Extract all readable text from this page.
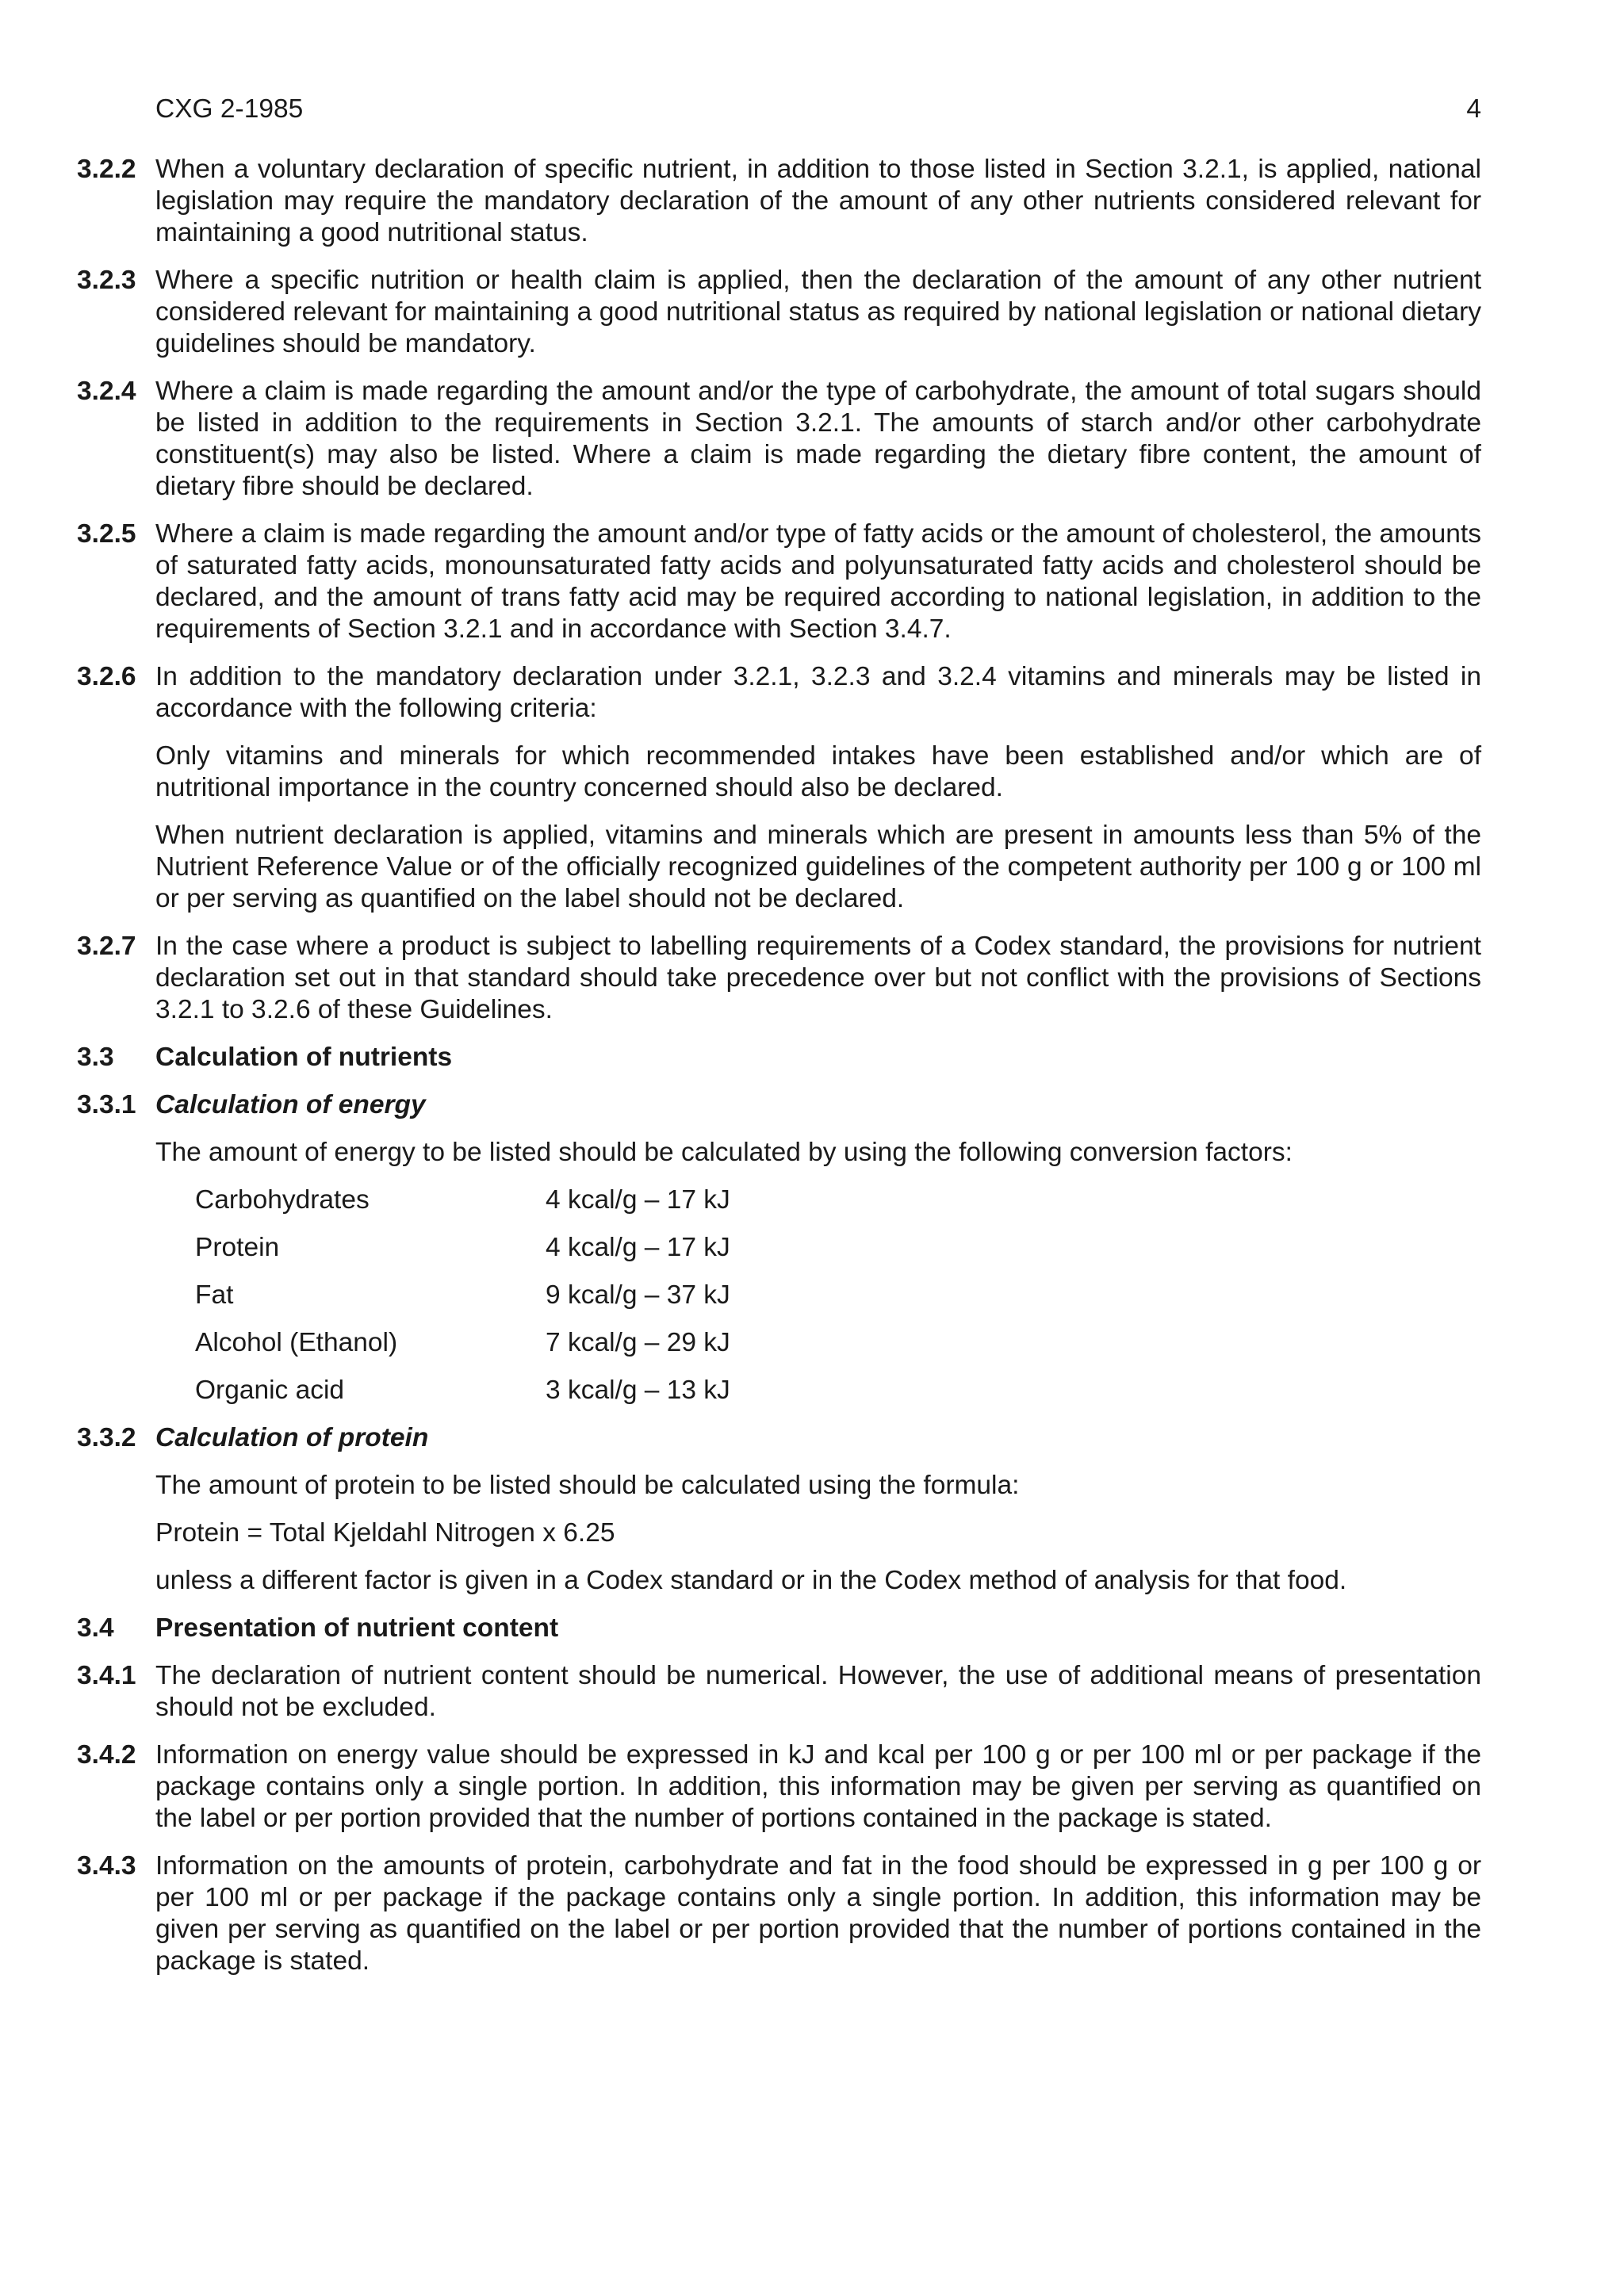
CXG 2-1985	4
3.2.2 When a voluntary declaration of specific nutrient, in addition to those listed in Section 3.2.1, is applied, national legislation may require the mandatory declaration of the amount of any other nutrients considered relevant for maintaining a good nutritional status.

3.2.3 Where a specific nutrition or health claim is applied, then the declaration of the amount of any other nutrient considered relevant for maintaining a good nutritional status as required by national legislation or national dietary guidelines should be mandatory.

3.2.4 Where a claim is made regarding the amount and/or the type of carbohydrate, the amount of total sugars should be listed in addition to the requirements in Section 3.2.1. The amounts of starch and/or other carbohydrate constituent(s) may also be listed. Where a claim is made regarding the dietary fibre content, the amount of dietary fibre should be declared.

3.2.5 Where a claim is made regarding the amount and/or type of fatty acids or the amount of cholesterol, the amounts of saturated fatty acids, monounsaturated fatty acids and polyunsaturated fatty acids and cholesterol should be declared, and the amount of trans fatty acid may be required according to national legislation, in addition to the requirements of Section 3.2.1 and in accordance with Section 3.4.7.

3.2.6 In addition to the mandatory declaration under 3.2.1, 3.2.3 and 3.2.4 vitamins and minerals may be listed in accordance with the following criteria:

Only vitamins and minerals for which recommended intakes have been established and/or which are of nutritional importance in the country concerned should also be declared.

When nutrient declaration is applied, vitamins and minerals which are present in amounts less than 5% of the Nutrient Reference Value or of the officially recognized guidelines of the competent authority per 100 g or 100 ml or per serving as quantified on the label should not be declared.

3.2.7 In the case where a product is subject to labelling requirements of a Codex standard, the provisions for nutrient declaration set out in that standard should take precedence over but not conflict with the provisions of Sections 3.2.1 to 3.2.6 of these Guidelines.

3.3 Calculation of nutrients
3.3.1 Calculation of energy
The amount of energy to be listed should be calculated by using the following conversion factors:
Carbohydrates	4 kcal/g – 17 kJ
Protein	4 kcal/g – 17 kJ
Fat	9 kcal/g – 37 kJ
Alcohol (Ethanol)	7 kcal/g – 29 kJ
Organic acid	3 kcal/g – 13 kJ
3.3.2 Calculation of protein
The amount of protein to be listed should be calculated using the formula:
Protein = Total Kjeldahl Nitrogen x 6.25
unless a different factor is given in a Codex standard or in the Codex method of analysis for that food.
3.4 Presentation of nutrient content
3.4.1 The declaration of nutrient content should be numerical. However, the use of additional means of presentation should not be excluded.

3.4.2 Information on energy value should be expressed in kJ and kcal per 100 g or per 100 ml or per package if the package contains only a single portion. In addition, this information may be given per serving as quantified on the label or per portion provided that the number of portions contained in the package is stated.

3.4.3 Information on the amounts of protein, carbohydrate and fat in the food should be expressed in g per 100 g or per 100 ml or per package if the package contains only a single portion. In addition, this information may be given per serving as quantified on the label or per portion provided that the number of portions contained in the package is stated.
